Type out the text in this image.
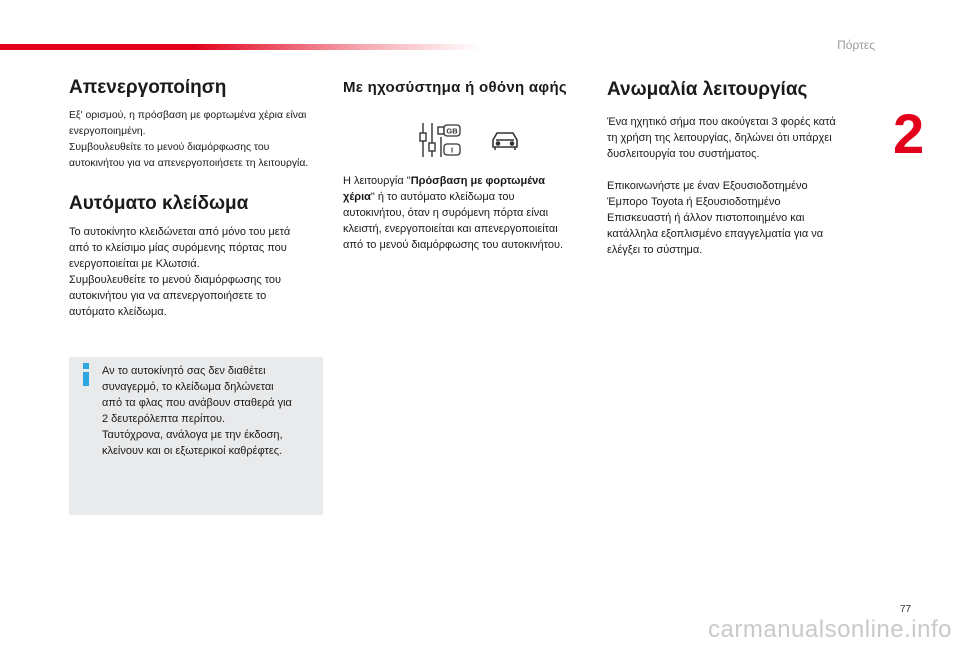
Πόρτες
2
Απενεργοποίηση
Εξ' ορισμού, η πρόσβαση με φορτωμένα χέρια είναι
ενεργοποιημένη.
Συμβουλευθείτε το μενού διαμόρφωσης του
αυτοκινήτου για να απενεργοποιήσετε τη λειτουργία.
Αυτόματο κλείδωμα
Το αυτοκίνητο κλειδώνεται από μόνο του μετά
από το κλείσιμο μίας συρόμενης πόρτας που
ενεργοποιείται με Κλωτσιά.
Συμβουλευθείτε το μενού διαμόρφωσης του
αυτοκινήτου για να απενεργοποιήσετε το
αυτόματο κλείδωμα.
Αν το αυτοκίνητό σας δεν διαθέτει
συναγερμό, το κλείδωμα δηλώνεται
από τα φλας που ανάβουν σταθερά για
2 δευτερόλεπτα περίπου.
Ταυτόχρονα, ανάλογα με την έκδοση,
κλείνουν και οι εξωτερικοί καθρέφτες.
Με ηχοσύστημα ή οθόνη αφής
GB
I
Η λειτουργία "Πρόσβαση με φορτωμένα
χέρια" ή το αυτόματο κλείδωμα του
αυτοκινήτου, όταν η συρόμενη πόρτα είναι
κλειστή, ενεργοποιείται και απενεργοποιείται
από το μενού διαμόρφωσης του αυτοκινήτου.
Ανωμαλία λειτουργίας
Ένα ηχητικό σήμα που ακούγεται 3 φορές κατά
τη χρήση της λειτουργίας, δηλώνει ότι υπάρχει
δυσλειτουργία του συστήματος.
Επικοινωνήστε με έναν Εξουσιοδοτημένο
Έμπορο Toyota ή Εξουσιοδοτημένο
Επισκευαστή ή άλλον πιστοποιημένο και
κατάλληλα εξοπλισμένο επαγγελματία για να
ελέγξει το σύστημα.
77
carmanualsonline.info
